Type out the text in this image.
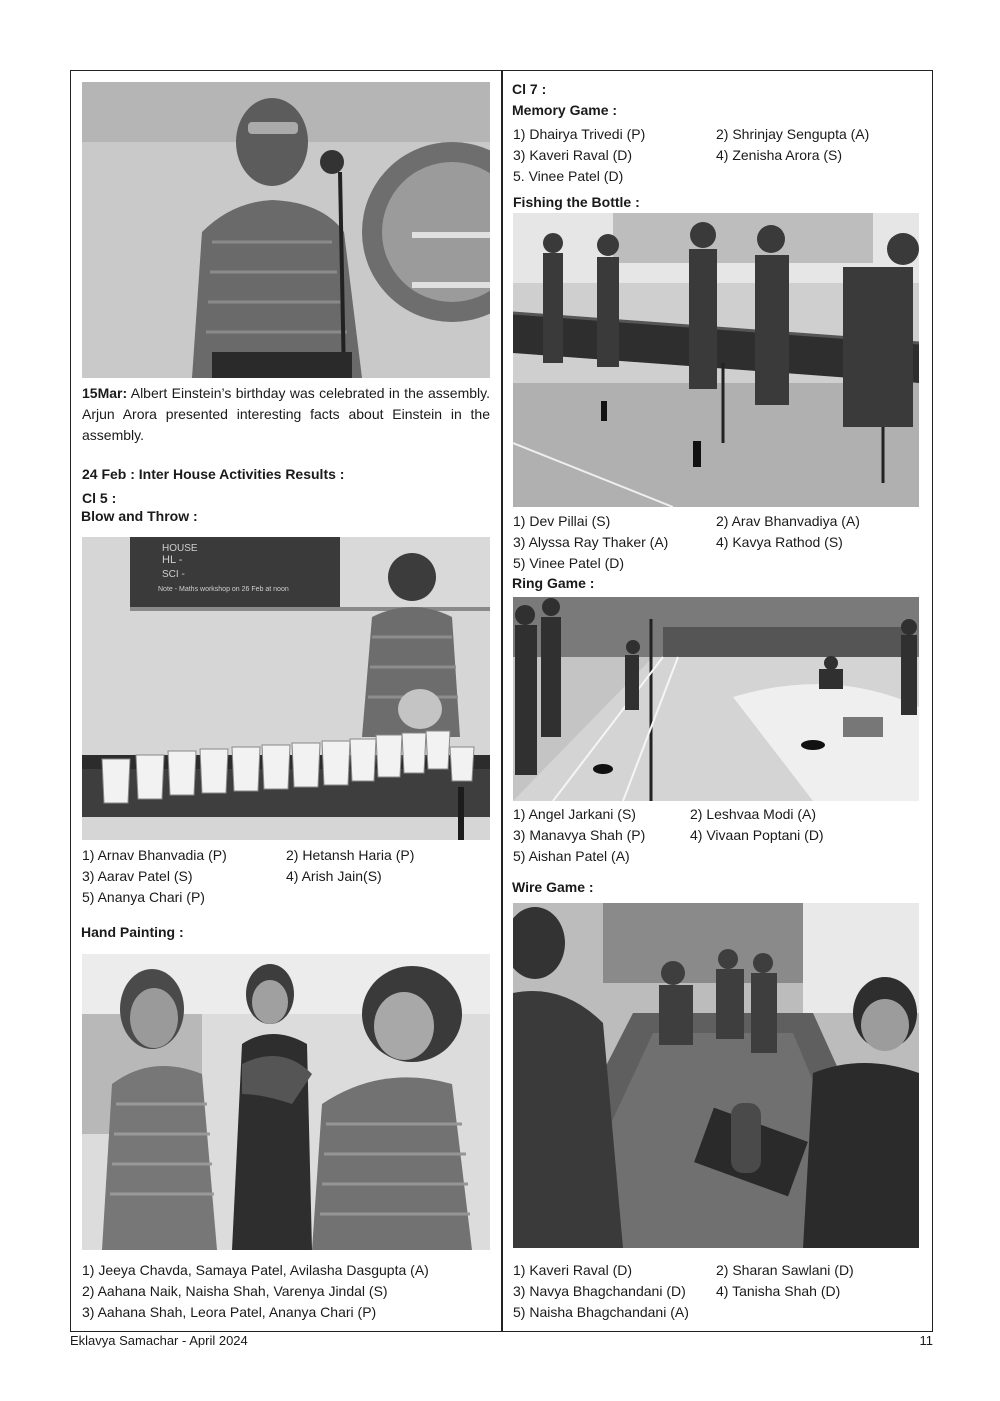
15Mar: Albert Einstein’s birthday was celebrated in the assembly. Arjun Arora presented interesting facts about Einstein in the assembly.
24 Feb : Inter House Activities Results :
Cl 5 :
Blow and Throw :
HOUSE
HL -
SCI -
Note - Maths workshop on 26 Feb at noon
1) Arnav Bhanvadia (P)	2) Hetansh Haria (P)
3) Aarav Patel (S)	4) Arish Jain(S)
5) Ananya Chari (P)
Hand Painting :
1) Jeeya Chavda, Samaya Patel, Avilasha Dasgupta (A)
2) Aahana Naik, Naisha Shah, Varenya Jindal (S)
3) Aahana Shah, Leora Patel, Ananya Chari (P)
Cl 7 :
Memory Game :
1) Dhairya Trivedi (P)	2) Shrinjay Sengupta (A)
3) Kaveri Raval (D)	4) Zenisha Arora (S)
5. Vinee Patel (D)
Fishing the Bottle :
1) Dev Pillai (S)	2) Arav Bhanvadiya (A)
3) Alyssa Ray Thaker (A)	4) Kavya Rathod (S)
5) Vinee Patel (D)
Ring Game :
1) Angel Jarkani (S)	2) Leshvaa Modi (A)
3) Manavya Shah (P)	4) Vivaan Poptani (D)
5) Aishan Patel (A)
Wire Game :
1) Kaveri Raval (D)	2) Sharan Sawlani (D)
3) Navya Bhagchandani (D) 4) Tanisha Shah (D)
5) Naisha Bhagchandani (A)
Eklavya Samachar - April 2024	11
